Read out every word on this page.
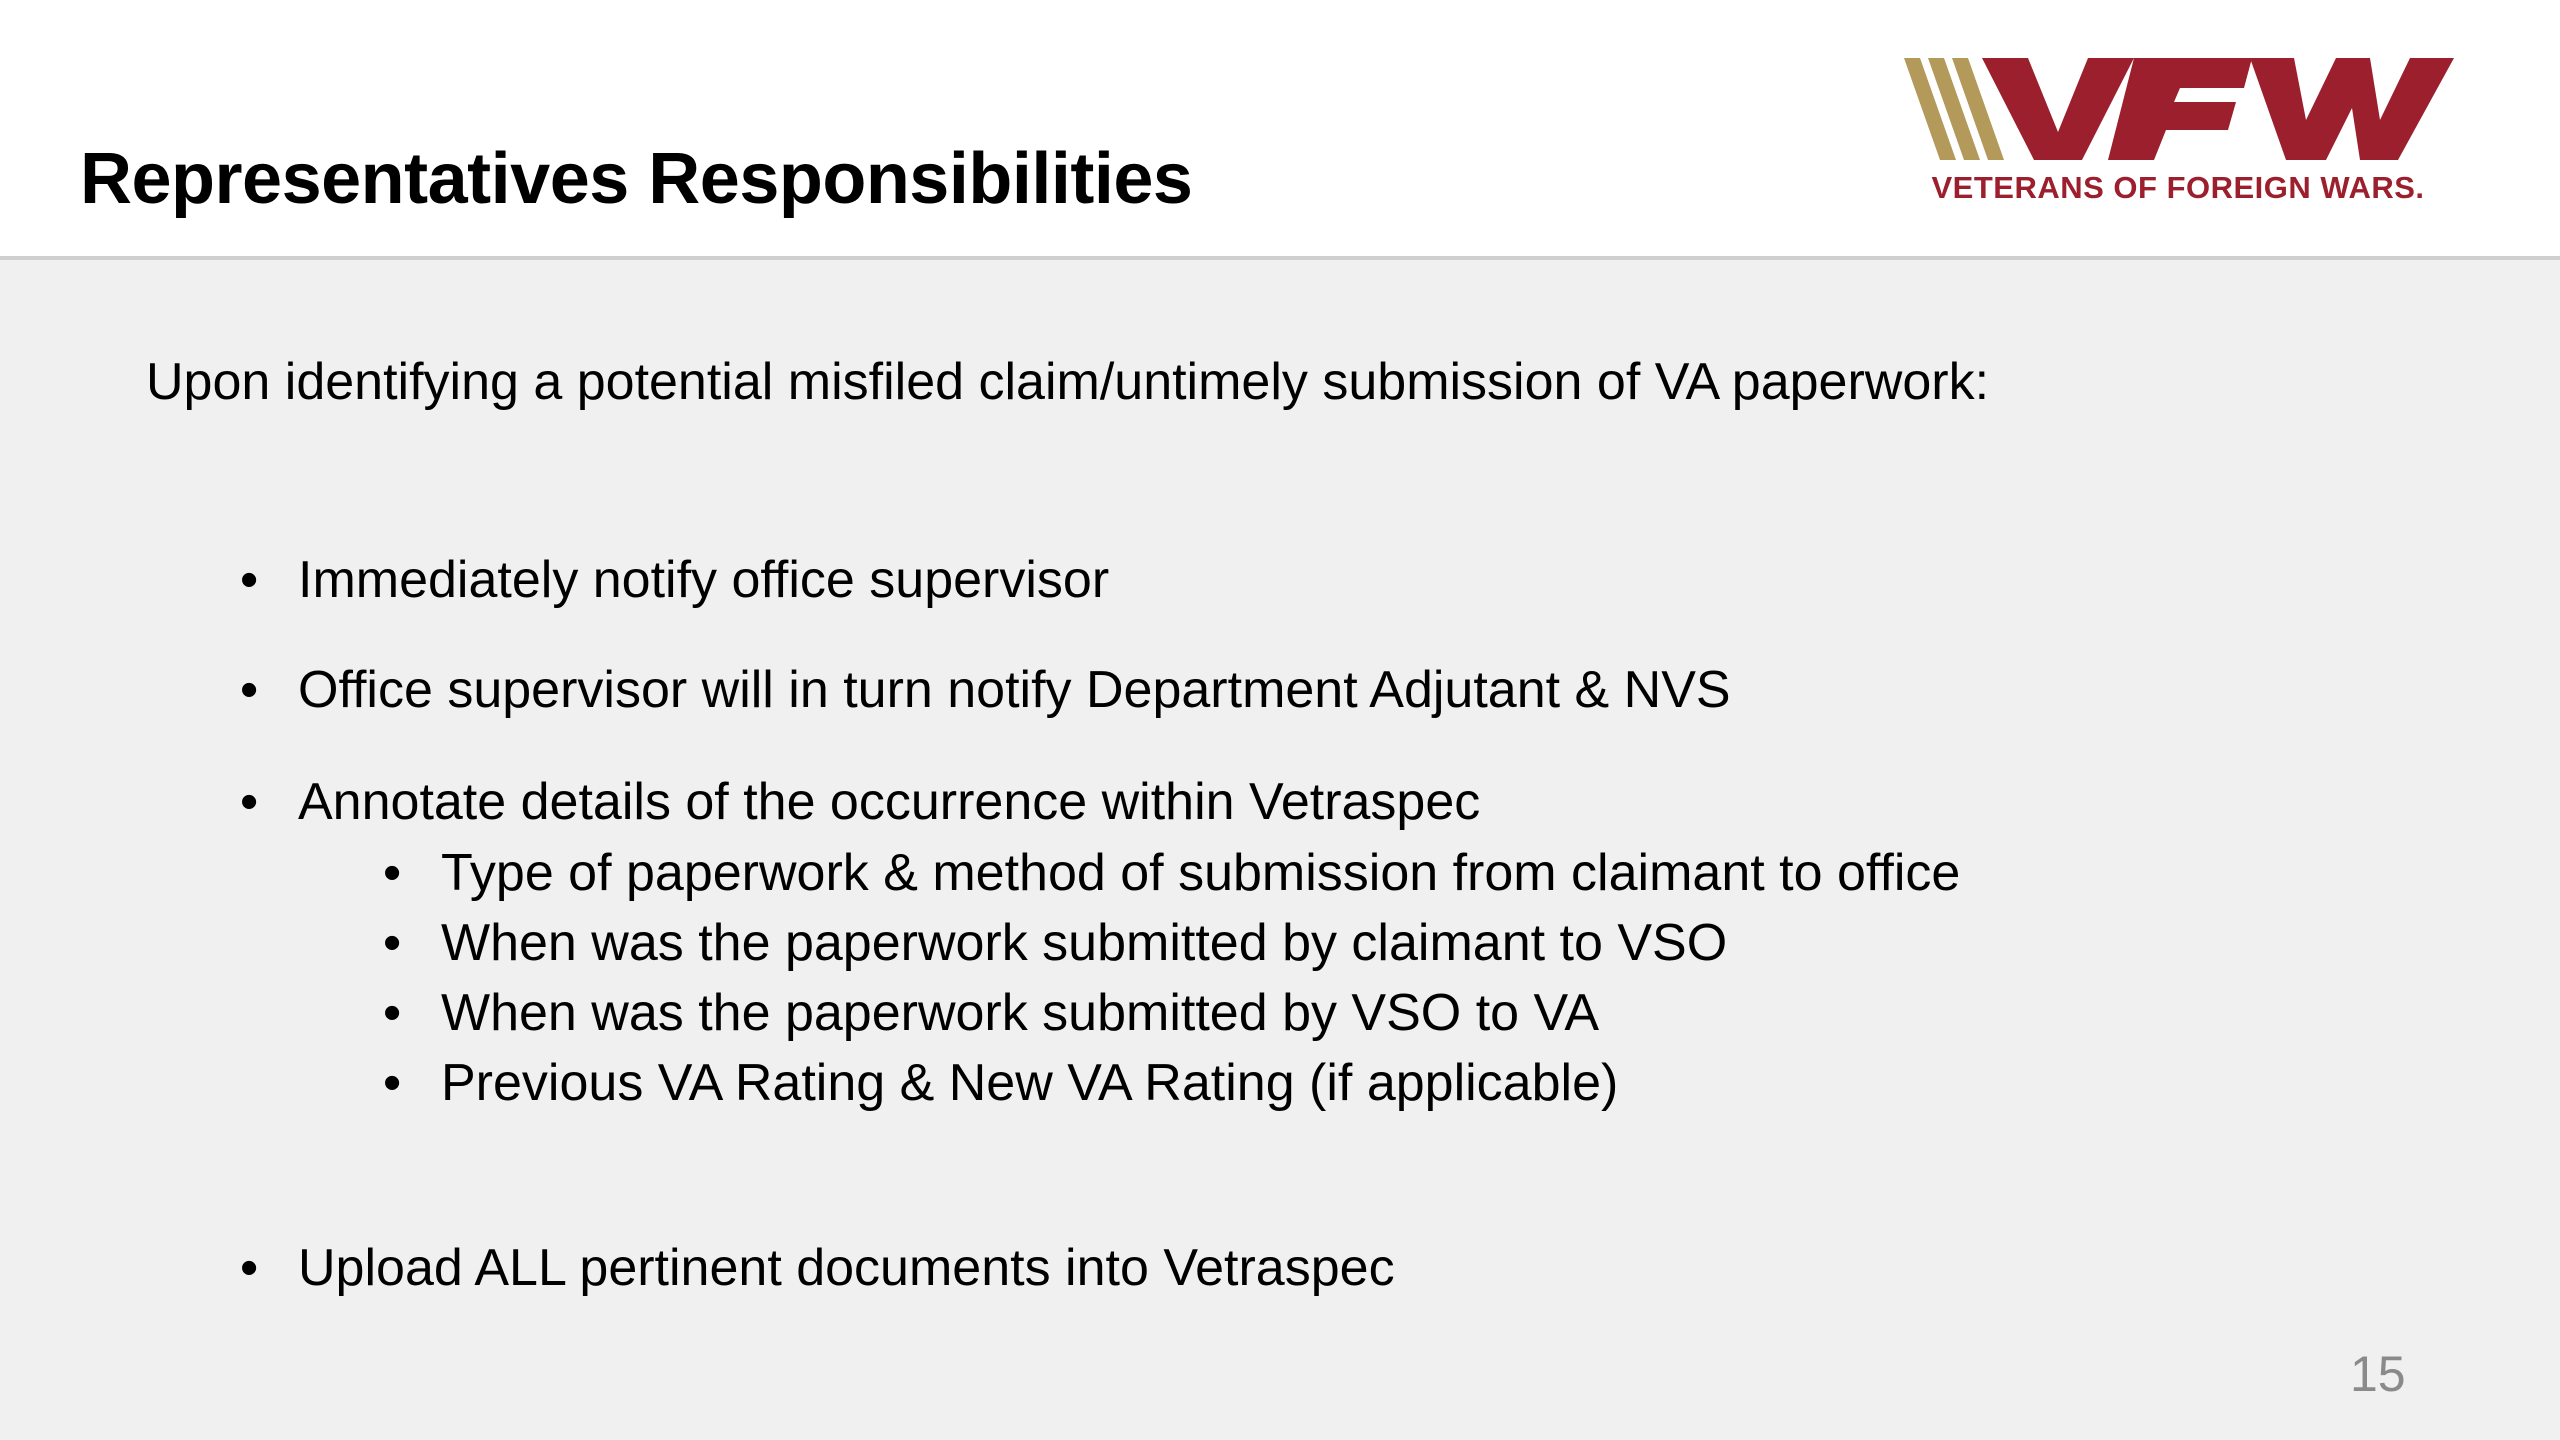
Representatives Responsibilities	VETERANS OF FOREIGN WARS.

Upon identifying a potential misfiled claim/untimely submission of VA paperwork:

• Immediately notify office supervisor
• Office supervisor will in turn notify Department Adjutant & NVS
• Annotate details of the occurrence within Vetraspec
• Type of paperwork & method of submission from claimant to office
• When was the paperwork submitted by claimant to VSO
• When was the paperwork submitted by VSO to VA
• Previous VA Rating & New VA Rating (if applicable)
• Upload ALL pertinent documents into Vetraspec
15
